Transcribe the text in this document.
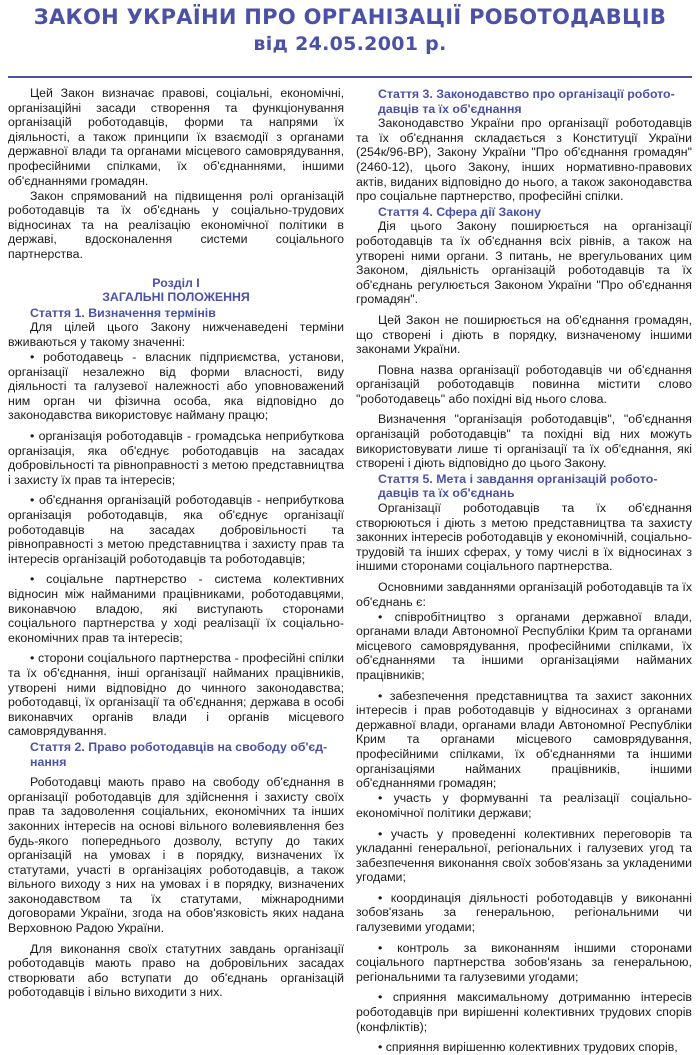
ЗАКОН УКРАЇНИ ПРО ОРГАНІЗАЦІЇ РОБОТОДАВЦІВ
від 24.05.2001 р.

Цей Закон визначає правові, соціальні, економічні, організаційні засади створення та функціонування організацій роботодавців, форми та напрями їх діяльності, а також принципи їх взаємодії з органами державної влади та органами місцевого самоврядування, професійними спілками, їх об'єднаннями, іншими об'єднаннями громадян.

Закон спрямований на підвищення ролі організацій роботодавців та їх об'єднань у соціально-трудових відносинах та на реалізацію економічної політики в державі, вдосконалення системи соціального партнерства.

Розділ І
ЗАГАЛЬНІ ПОЛОЖЕННЯ
Стаття 1. Визначення термінів

Для цілей цього Закону нижченаведені терміни вживаються у такому значенні:

• роботодавець - власник підприємства, установи, організації незалежно від форми власності, виду діяльності та галузевої належності або уповноважений ним орган чи фізична особа, яка відповідно до законодавства використовує найману працю;

• організація роботодавців - громадська неприбуткова організація, яка об'єднує роботодавців на засадах добровільності та рівноправності з метою представництва і захисту їх прав та інтересів;

• об'єднання організацій роботодавців - неприбуткова організація роботодавців, яка об'єднує організації роботодавців на засадах добровільності та рівноправності з метою представництва і захисту прав та інтересів організацій роботодавців та роботодавців;

• соціальне партнерство - система колективних відносин між найманими працівниками, роботодавцями, виконавчою владою, які виступають сторонами соціального партнерства у ході реалізації їх соціально-економічних прав та інтересів;

• сторони соціального партнерства - професійні спілки та їх об'єднання, інші організації найманих працівників, утворені ними відповідно до чинного законодавства; роботодавці, їх організації та об'єднання; держава в особі виконавчих органів влади і органів місцевого самоврядування.

Стаття 2. Право роботодавців на свободу об'єд-
нання

Роботодавці мають право на свободу об'єднання в організації роботодавців для здійснення і захисту своїх прав та задоволення соціальних, економічних та інших законних інтересів на основі вільного волевиявлення без будь-якого попереднього дозволу, вступу до таких організацій на умовах і в порядку, визначених їх статутами, участі в організаціях роботодавців, а також вільного виходу з них на умовах і в порядку, визначених законодавством та їх статутами, міжнародними договорами України, згода на обов'язковість яких надана Верховною Радою України.

Для виконання своїх статутних завдань організації роботодавців мають право на добровільних засадах створювати або вступати до об'єднань організацій роботодавців і вільно виходити з них.

Стаття 3. Законодавство про організації робото-
давців та їх об'єднання

Законодавство України про організації роботодавців та їх об'єднання складається з Конституції України (254к/96-ВР), Закону України "Про об'єднання громадян" (2460-12), цього Закону, інших нормативно-правових актів, виданих відповідно до нього, а також законодавства про соціальне партнерство, професійні спілки.

Стаття 4. Сфера дії Закону

Дія цього Закону поширюється на організації роботодавців та їх об'єднання всіх рівнів, а також на утворені ними органи. З питань, не врегульованих цим Законом, діяльність організацій роботодавців та їх об'єднань регулюється Законом України "Про об'єднання громадян".

Цей Закон не поширюється на об'єднання громадян, що створені і діють в порядку, визначеному іншими законами України.

Повна назва організації роботодавців чи об'єднання організацій роботодавців повинна містити слово "роботодавець" або похідні від нього слова.

Визначення "організація роботодавців", "об'єднання організацій роботодавців" та похідні від них можуть використовувати лише ті організації та їх об'єднання, які створені і діють відповідно до цього Закону.

Стаття 5. Мета і завдання організацій робото-
давців та їх об'єднань

Організації роботодавців та їх об'єднання створюються і діють з метою представництва та захисту законних інтересів роботодавців у економічній, соціально-трудовій та інших сферах, у тому числі в їх відносинах з іншими сторонами соціального партнерства.

Основними завданнями організацій роботодавців та їх об'єднань є:

• співробітництво з органами державної влади, органами влади Автономної Республіки Крим та органами місцевого самоврядування, професійними спілками, їх об'єднаннями та іншими організаціями найманих працівників;

• забезпечення представництва та захист законних інтересів і прав роботодавців у відносинах з органами державної влади, органами влади Автономної Республіки Крим та органами місцевого самоврядування, професійними спілками, їх об'єднаннями та іншими організаціями найманих працівників, іншими об'єднаннями громадян;

• участь у формуванні та реалізації соціально-економічної політики держави;

• участь у проведенні колективних переговорів та укладанні генеральної, регіональних і галузевих угод та забезпечення виконання своїх зобов'язань за укладеними угодами;

• координація діяльності роботодавців у виконанні зобов'язань за генеральною, регіональними чи галузевими угодами;

• контроль за виконанням іншими сторонами соціального партнерства зобов'язань за генеральною, регіональними та галузевими угодами;

• сприяння максимальному дотриманню інтересів роботодавців при вирішенні колективних трудових спорів (конфліктів);

• сприяння вирішенню колективних трудових спорів,
